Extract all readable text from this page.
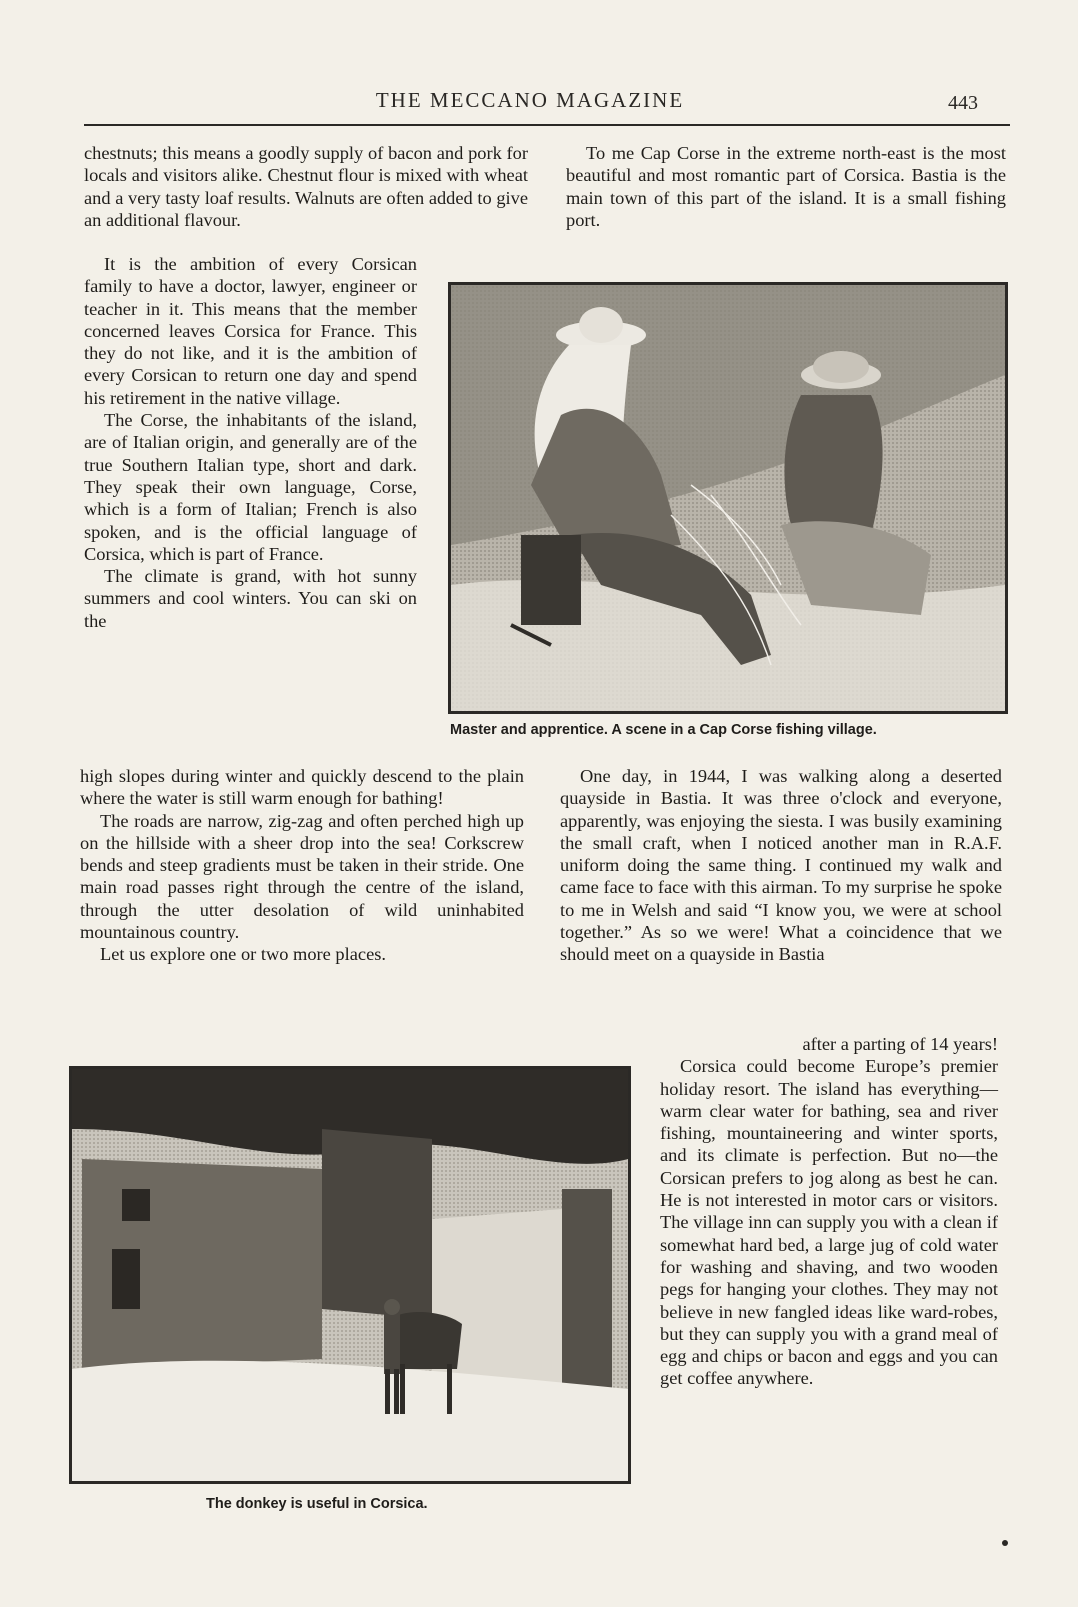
THE MECCANO MAGAZINE	443

chestnuts; this means a goodly supply of bacon and pork for locals and visitors alike. Chestnut flour is mixed with wheat and a very tasty loaf results. Walnuts are often added to give an additional flavour.

It is the ambition of every Corsican family to have a doctor, lawyer, engineer or teacher in it. This means that the member concerned leaves Corsica for France. This they do not like, and it is the ambition of every Corsican to return one day and spend his retirement in the native village.

The Corse, the inhabitants of the island, are of Italian origin, and generally are of the true Southern Italian type, short and dark. They speak their own language, Corse, which is a form of Italian; French is also spoken, and is the official language of Corsica, which is part of France.

The climate is grand, with hot sunny summers and cool winters. You can ski on the

high slopes during winter and quickly descend to the plain where the water is still warm enough for bathing!

The roads are narrow, zig-zag and often perched high up on the hillside with a sheer drop into the sea! Corkscrew bends and steep gradients must be taken in their stride. One main road passes right through the centre of the island, through the utter desolation of wild uninhabited mountainous country.

Let us explore one or two more places.

To me Cap Corse in the extreme north-east is the most beautiful and most romantic part of Corsica. Bastia is the main town of this part of the island. It is a small fishing port.

Master and apprentice. A scene in a Cap Corse fishing village.

One day, in 1944, I was walking along a deserted quayside in Bastia. It was three o'clock and everyone, apparently, was enjoying the siesta. I was busily examining the small craft, when I noticed another man in R.A.F. uniform doing the same thing. I continued my walk and came face to face with this airman. To my surprise he spoke to me in Welsh and said “I know you, we were at school together.” As so we were! What a coincidence that we should meet on a quayside in Bastia

after a parting of 14 years!

Corsica could become Europe’s premier holiday resort. The island has everything—warm clear water for bathing, sea and river fishing, mountaineering and winter sports, and its climate is perfection. But no—the Corsican prefers to jog along as best he can. He is not interested in motor cars or visitors. The village inn can supply you with a clean if somewhat hard bed, a large jug of cold water for washing and shaving, and two wooden pegs for hanging your clothes. They may not believe in new fangled ideas like ward-robes, but they can supply you with a grand meal of egg and chips or bacon and eggs and you can get coffee anywhere.

The donkey is useful in Corsica.
